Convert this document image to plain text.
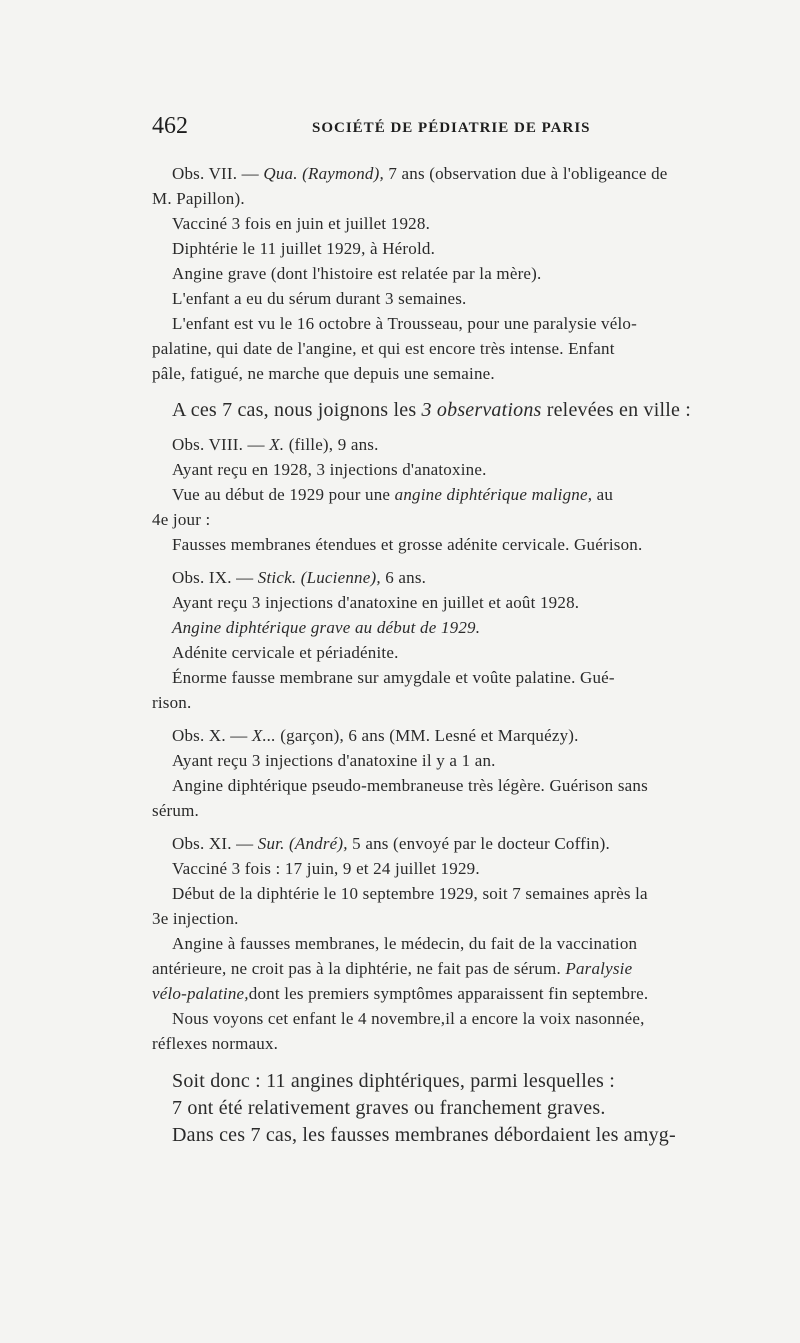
462	SOCIÉTÉ DE PÉDIATRIE DE PARIS
Obs. VII. — Qua. (Raymond), 7 ans (observation due à l'obligeance de
M. Papillon).
Vacciné 3 fois en juin et juillet 1928.
Diphtérie le 11 juillet 1929, à Hérold.
Angine grave (dont l'histoire est relatée par la mère).
L'enfant a eu du sérum durant 3 semaines.
L'enfant est vu le 16 octobre à Trousseau, pour une paralysie vélo-
palatine, qui date de l'angine, et qui est encore très intense. Enfant
pâle, fatigué, ne marche que depuis une semaine.
A ces 7 cas, nous joignons les 3 observations relevées en ville :
Obs. VIII. — X. (fille), 9 ans.
Ayant reçu en 1928, 3 injections d'anatoxine.
Vue au début de 1929 pour une angine diphtérique maligne, au
4e jour :
Fausses membranes étendues et grosse adénite cervicale. Guérison.
Obs. IX. — Stick. (Lucienne), 6 ans.
Ayant reçu 3 injections d'anatoxine en juillet et août 1928.
Angine diphtérique grave au début de 1929.
Adénite cervicale et périadénite.
Énorme fausse membrane sur amygdale et voûte palatine. Gué-
rison.
Obs. X. — X... (garçon), 6 ans (MM. Lesné et Marquézy).
Ayant reçu 3 injections d'anatoxine il y a 1 an.
Angine diphtérique pseudo-membraneuse très légère. Guérison sans
sérum.
Obs. XI. — Sur. (André), 5 ans (envoyé par le docteur Coffin).
Vacciné 3 fois : 17 juin, 9 et 24 juillet 1929.
Début de la diphtérie le 10 septembre 1929, soit 7 semaines après la
3e injection.
Angine à fausses membranes, le médecin, du fait de la vaccination
antérieure, ne croit pas à la diphtérie, ne fait pas de sérum. Paralysie
vélo-palatine,dont les premiers symptômes apparaissent fin septembre.
Nous voyons cet enfant le 4 novembre,il a encore la voix nasonnée,
réflexes normaux.
Soit donc : 11 angines diphtériques, parmi lesquelles :
7 ont été relativement graves ou franchement graves.
Dans ces 7 cas, les fausses membranes débordaient les amyg-
